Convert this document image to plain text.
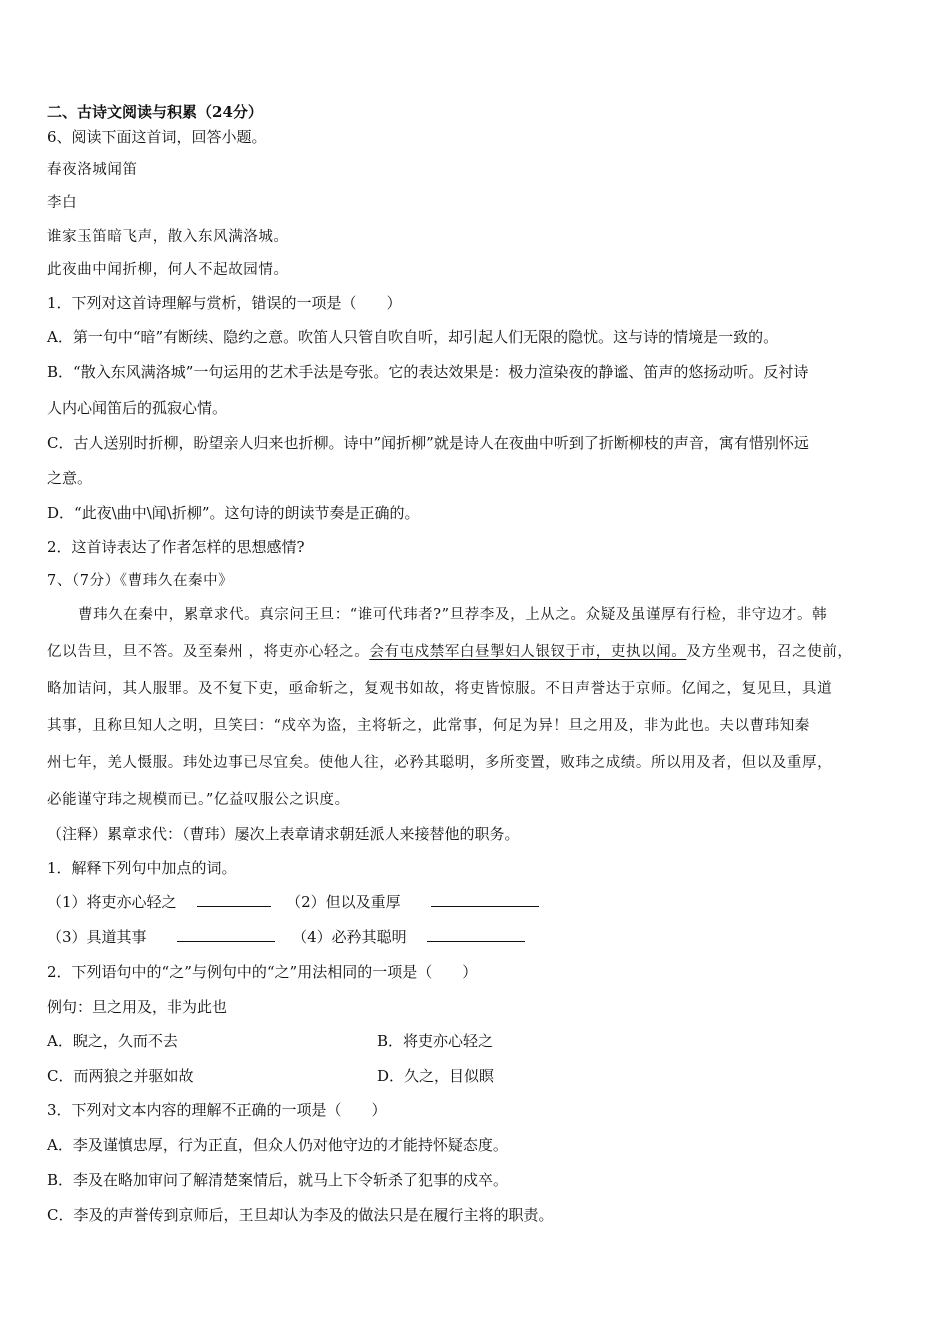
二、古诗文阅读与积累（24分）
6、阅读下面这首词，回答小题。
春夜洛城闻笛
李白
谁家玉笛暗飞声，散入东风满洛城。
此夜曲中闻折柳，何人不起故园情。
1．下列对这首诗理解与赏析，错误的一项是（　　）
A．第一句中“暗”有断续、隐约之意。吹笛人只管自吹自听，却引起人们无限的隐忧。这与诗的情境是一致的。
B．“散入东风满洛城”一句运用的艺术手法是夸张。它的表达效果是：极力渲染夜的静谧、笛声的悠扬动听。反衬诗
人内心闻笛后的孤寂心情。
C．古人送别时折柳，盼望亲人归来也折柳。诗中”闻折柳”就是诗人在夜曲中听到了折断柳枝的声音，寓有惜别怀远
之意。
D．“此夜\曲中\闻\折柳”。这句诗的朗读节奏是正确的。
2．这首诗表达了作者怎样的思想感情?
7、（7分）《曹玮久在秦中》
曹玮久在秦中，累章求代。真宗问王旦：“谁可代玮者?”旦荐李及，上从之。众疑及虽谨厚有行检，非守边才。韩
亿以告旦，旦不答。及至秦州 ，将吏亦心轻之。会有屯戍禁军白昼掣妇人银钗于市，吏执以闻。及方坐观书，召之使前，
略加诘问，其人服罪。及不复下吏，亟命斩之，复观书如故，将吏皆惊服。不日声誉达于京师。亿闻之，复见旦，具道
其事，且称旦知人之明，旦笑曰：“戍卒为盗，主将斩之，此常事，何足为异！旦之用及，非为此也。夫以曹玮知秦
州七年，羌人慑服。玮处边事已尽宜矣。使他人往，必矜其聪明，多所变置，败玮之成绩。所以用及者，但以及重厚，
必能谨守玮之规模而已。”亿益叹服公之识度。
（注释）累章求代：（曹玮）屡次上表章请求朝廷派人来接替他的职务。
1．解释下列句中加点的词。
（1）将吏亦心轻之	（2）但以及重厚
（3）具道其事	（4）必矜其聪明
2．下列语句中的“之”与例句中的“之”用法相同的一项是（　　）
例句：旦之用及，非为此也
A．睨之，久而不去	B．将吏亦心轻之
C．而两狼之并驱如故	D．久之，目似瞑
3．下列对文本内容的理解不正确的一项是（　　）
A．李及谨慎忠厚，行为正直，但众人仍对他守边的才能持怀疑态度。
B．李及在略加审问了解清楚案情后，就马上下令斩杀了犯事的戍卒。
C．李及的声誉传到京师后，王旦却认为李及的做法只是在履行主将的职责。
